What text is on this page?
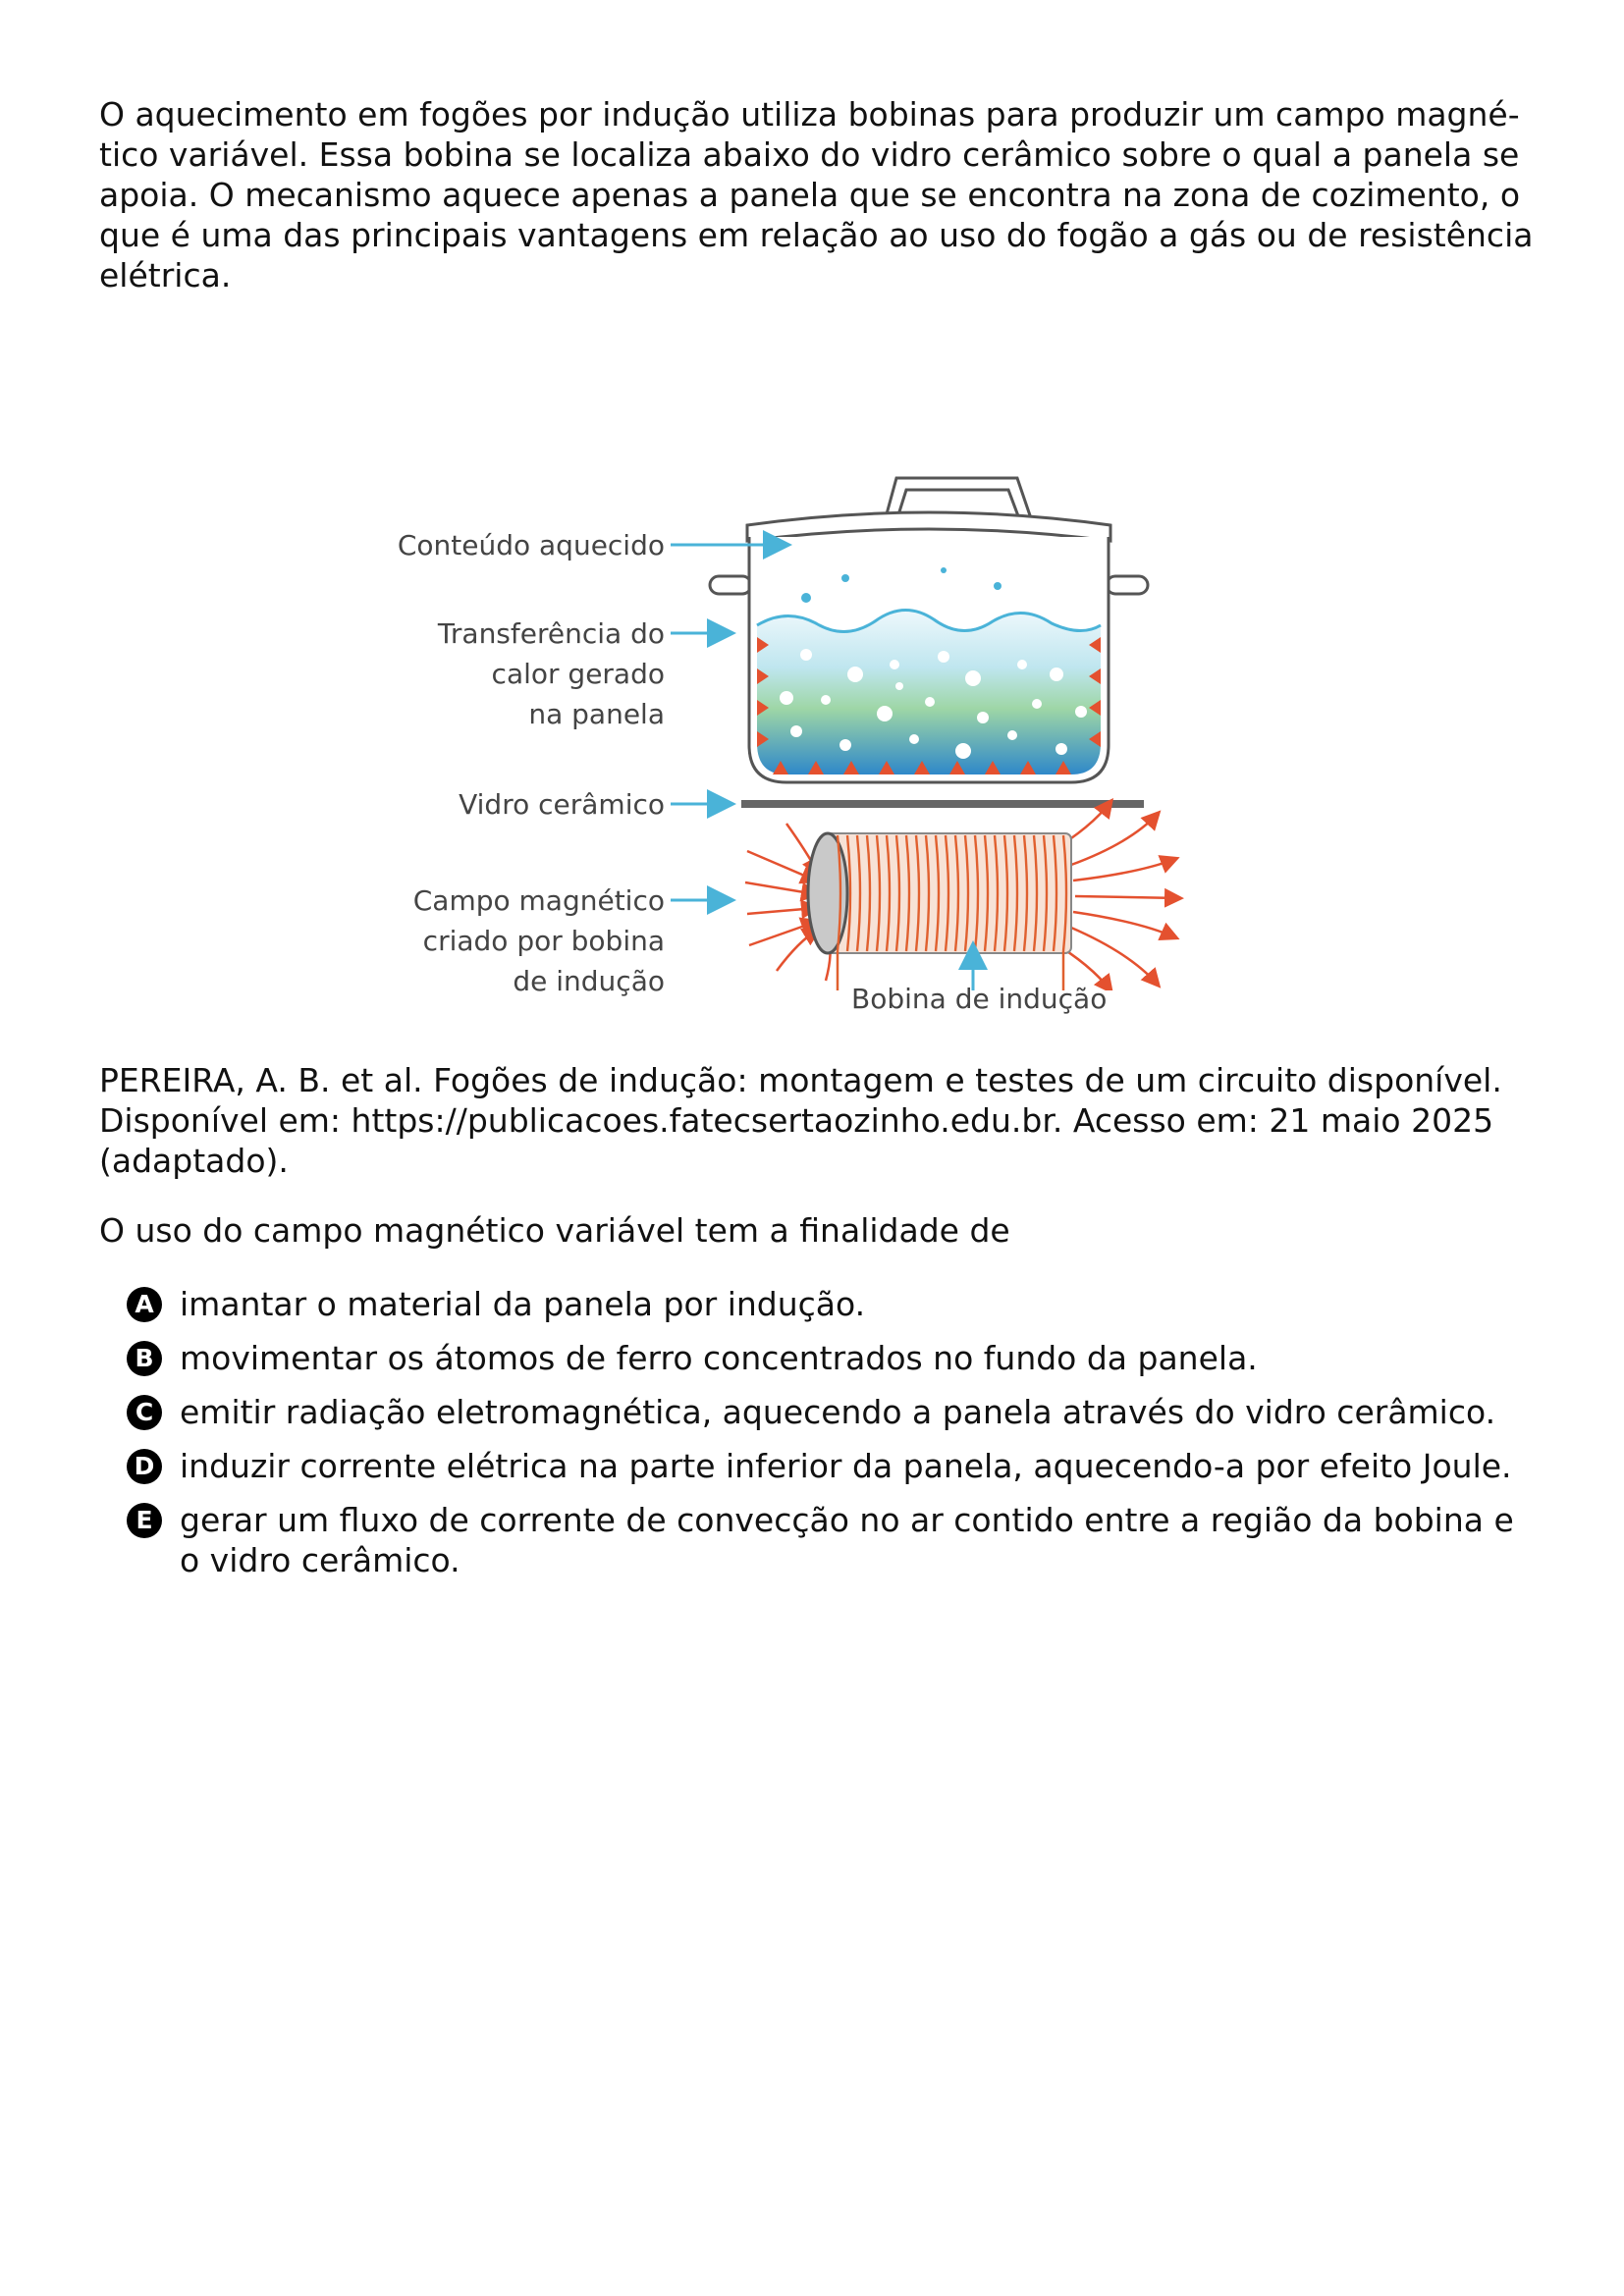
O aquecimento em fogões por indução utiliza bobinas para produzir um campo magné-

tico variável. Essa bobina se localiza abaixo do vidro cerâmico sobre o qual a panela se

apoia. O mecanismo aquece apenas a panela que se encontra na zona de cozimento, o

que é uma das principais vantagens em relação ao uso do fogão a gás ou de resistência

elétrica.

Conteúdo aquecido
Transferência do
calor gerado
na panela
Vidro cerâmico
Campo magnético
criado por bobina
de indução
Bobina de indução
PEREIRA, A. B. et al. Fogões de indução: montagem e testes de um circuito disponível.
Disponível em: https://publicacoes.fatecsertaozinho.edu.br. Acesso em: 21 maio 2025
(adaptado).

O uso do campo magnético variável tem a finalidade de

A imantar o material da panela por indução.
B movimentar os átomos de ferro concentrados no fundo da panela.
C emitir radiação eletromagnética, aquecendo a panela através do vidro cerâmico.
D induzir corrente elétrica na parte inferior da panela, aquecendo-a por efeito Joule.
E gerar um fluxo de corrente de convecção no ar contido entre a região da bobina e o vidro cerâmico.
